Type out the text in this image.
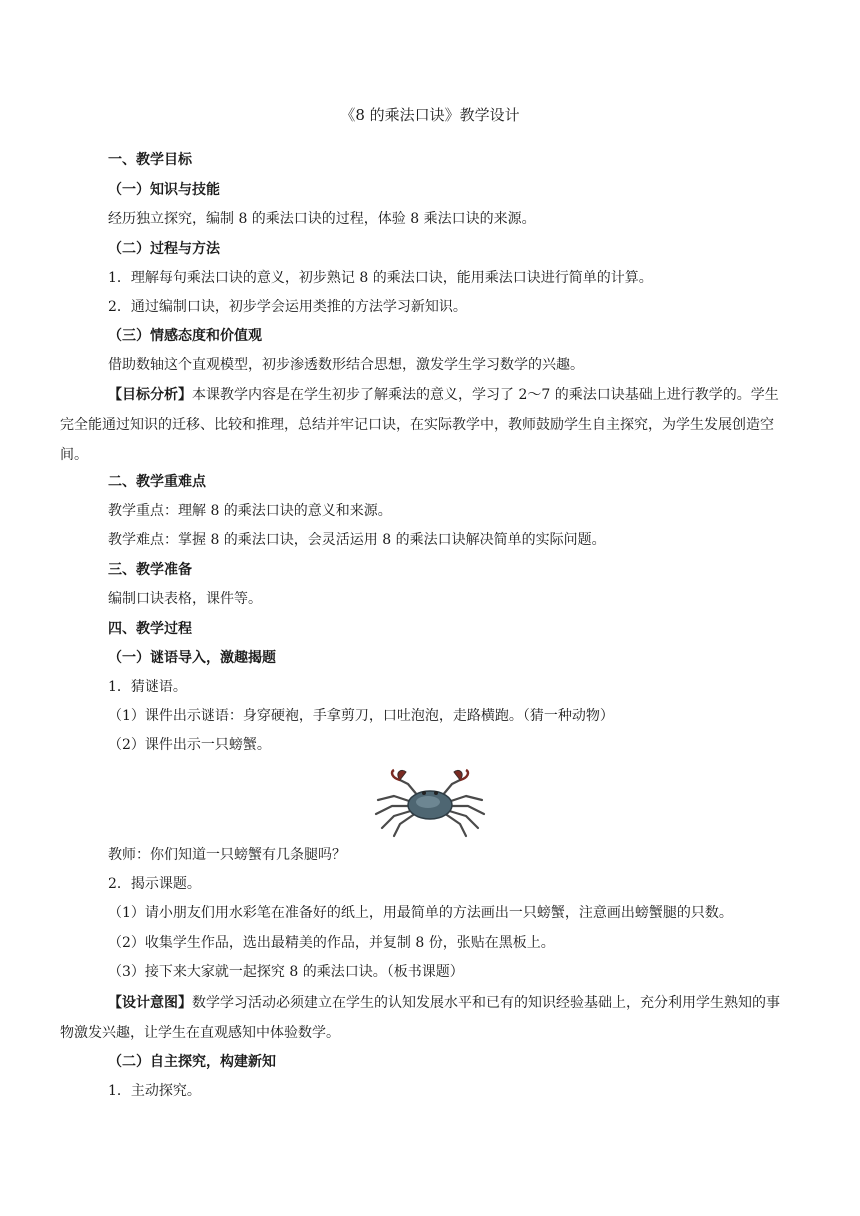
《8 的乘法口诀》教学设计
一、教学目标
（一）知识与技能
经历独立探究，编制 8 的乘法口诀的过程，体验 8 乘法口诀的来源。
（二）过程与方法
1．理解每句乘法口诀的意义，初步熟记 8 的乘法口诀，能用乘法口诀进行简单的计算。
2．通过编制口诀，初步学会运用类推的方法学习新知识。
（三）情感态度和价值观
借助数轴这个直观模型，初步渗透数形结合思想，激发学生学习数学的兴趣。
【目标分析】本课教学内容是在学生初步了解乘法的意义，学习了 2～7 的乘法口诀基础上进行教学的。学生完全能通过知识的迁移、比较和推理，总结并牢记口诀，在实际教学中，教师鼓励学生自主探究，为学生发展创造空间。
二、教学重难点
教学重点：理解 8 的乘法口诀的意义和来源。
教学难点：掌握 8 的乘法口诀，会灵活运用 8 的乘法口诀解决简单的实际问题。
三、教学准备
编制口诀表格，课件等。
四、教学过程
（一）谜语导入，激趣揭题
1．猜谜语。
（1）课件出示谜语：身穿硬袍，手拿剪刀，口吐泡泡，走路横跑。（猜一种动物）
（2）课件出示一只螃蟹。
教师：你们知道一只螃蟹有几条腿吗？
2．揭示课题。
（1）请小朋友们用水彩笔在准备好的纸上，用最简单的方法画出一只螃蟹，注意画出螃蟹腿的只数。
（2）收集学生作品，选出最精美的作品，并复制 8 份，张贴在黑板上。
（3）接下来大家就一起探究 8 的乘法口诀。（板书课题）
【设计意图】数学学习活动必须建立在学生的认知发展水平和已有的知识经验基础上，充分利用学生熟知的事物激发兴趣，让学生在直观感知中体验数学。
（二）自主探究，构建新知
1．主动探究。
